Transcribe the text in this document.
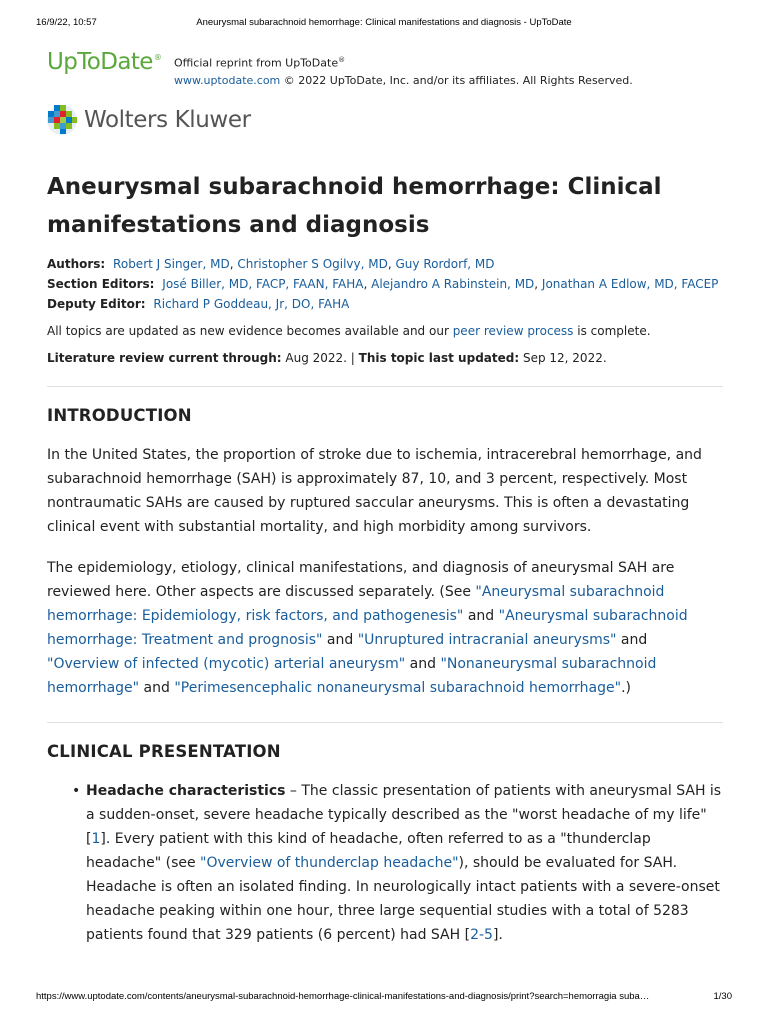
16/9/22, 10:57	Aneurysmal subarachnoid hemorrhage: Clinical manifestations and diagnosis - UpToDate
UpToDate® Official reprint from UpToDate®
www.uptodate.com © 2022 UpToDate, Inc. and/or its affiliates. All Rights Reserved.
Wolters Kluwer
Aneurysmal subarachnoid hemorrhage: Clinical manifestations and diagnosis
Authors: Robert J Singer, MD, Christopher S Ogilvy, MD, Guy Rordorf, MD
Section Editors: José Biller, MD, FACP, FAAN, FAHA, Alejandro A Rabinstein, MD, Jonathan A Edlow, MD, FACEP
Deputy Editor: Richard P Goddeau, Jr, DO, FAHA
All topics are updated as new evidence becomes available and our peer review process is complete.
Literature review current through: Aug 2022. | This topic last updated: Sep 12, 2022.
INTRODUCTION

In the United States, the proportion of stroke due to ischemia, intracerebral hemorrhage, and subarachnoid hemorrhage (SAH) is approximately 87, 10, and 3 percent, respectively. Most nontraumatic SAHs are caused by ruptured saccular aneurysms. This is often a devastating clinical event with substantial mortality, and high morbidity among survivors.

The epidemiology, etiology, clinical manifestations, and diagnosis of aneurysmal SAH are reviewed here. Other aspects are discussed separately. (See "Aneurysmal subarachnoid hemorrhage: Epidemiology, risk factors, and pathogenesis" and "Aneurysmal subarachnoid hemorrhage: Treatment and prognosis" and "Unruptured intracranial aneurysms" and "Overview of infected (mycotic) arterial aneurysm" and "Nonaneurysmal subarachnoid hemorrhage" and "Perimesencephalic nonaneurysmal subarachnoid hemorrhage".)

CLINICAL PRESENTATION
• Headache characteristics – The classic presentation of patients with aneurysmal SAH is a sudden-onset, severe headache typically described as the "worst headache of my life" [1]. Every patient with this kind of headache, often referred to as a "thunderclap headache" (see "Overview of thunderclap headache"), should be evaluated for SAH. Headache is often an isolated finding. In neurologically intact patients with a severe-onset headache peaking within one hour, three large sequential studies with a total of 5283 patients found that 329 patients (6 percent) had SAH [2-5].
https://www.uptodate.com/contents/aneurysmal-subarachnoid-hemorrhage-clinical-manifestations-and-diagnosis/print?search=hemorragia suba…	1/30
